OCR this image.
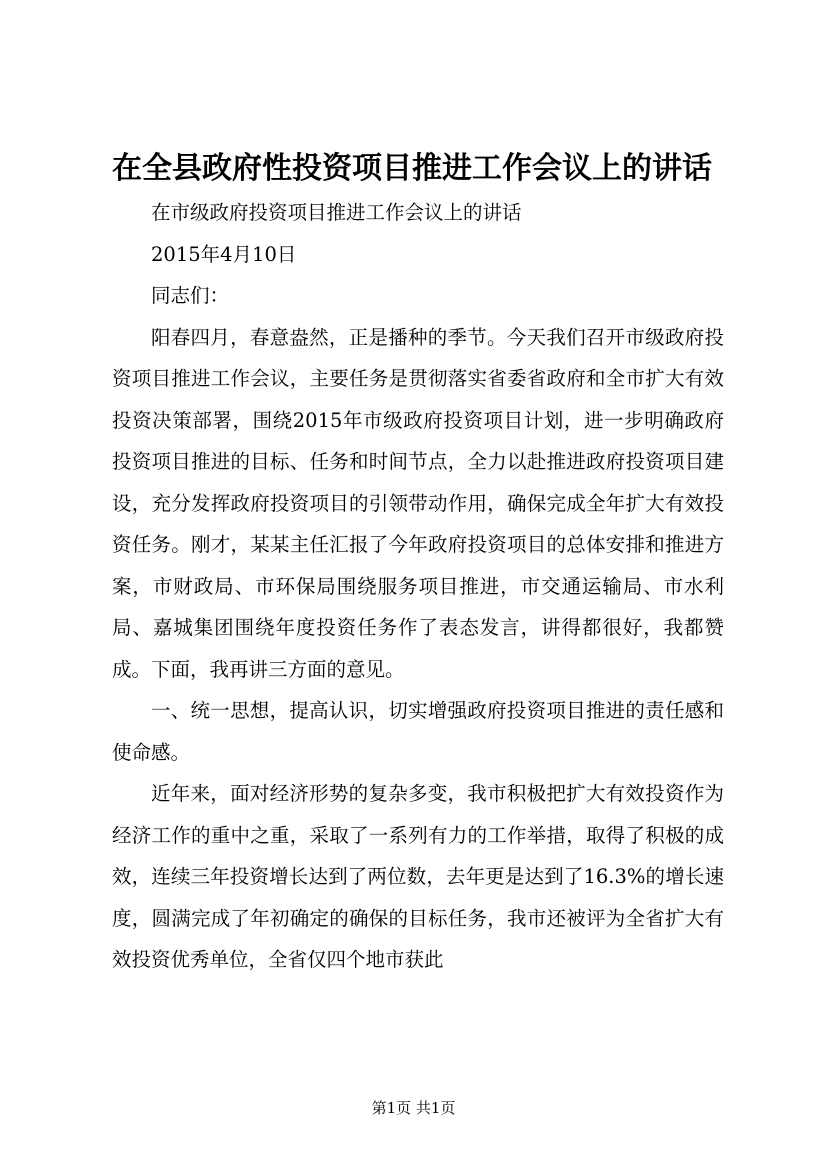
在全县政府性投资项目推进工作会议上的讲话

在市级政府投资项目推进工作会议上的讲话

2015年4月10日

同志们：

阳春四月，春意盎然，正是播种的季节。今天我们召开市级政府投资项目推进工作会议，主要任务是贯彻落实省委省政府和全市扩大有效投资决策部署，围绕2015年市级政府投资项目计划，进一步明确政府投资项目推进的目标、任务和时间节点，全力以赴推进政府投资项目建设，充分发挥政府投资项目的引领带动作用，确保完成全年扩大有效投资任务。刚才，某某主任汇报了今年政府投资项目的总体安排和推进方案，市财政局、市环保局围绕服务项目推进，市交通运输局、市水利局、嘉城集团围绕年度投资任务作了表态发言，讲得都很好，我都赞成。下面，我再讲三方面的意见。

一、统一思想，提高认识，切实增强政府投资项目推进的责任感和使命感。

近年来，面对经济形势的复杂多变，我市积极把扩大有效投资作为经济工作的重中之重，采取了一系列有力的工作举措，取得了积极的成效，连续三年投资增长达到了两位数，去年更是达到了16.3%的增长速度，圆满完成了年初确定的确保的目标任务，我市还被评为全省扩大有效投资优秀单位，全省仅四个地市获此

第1页 共1页
